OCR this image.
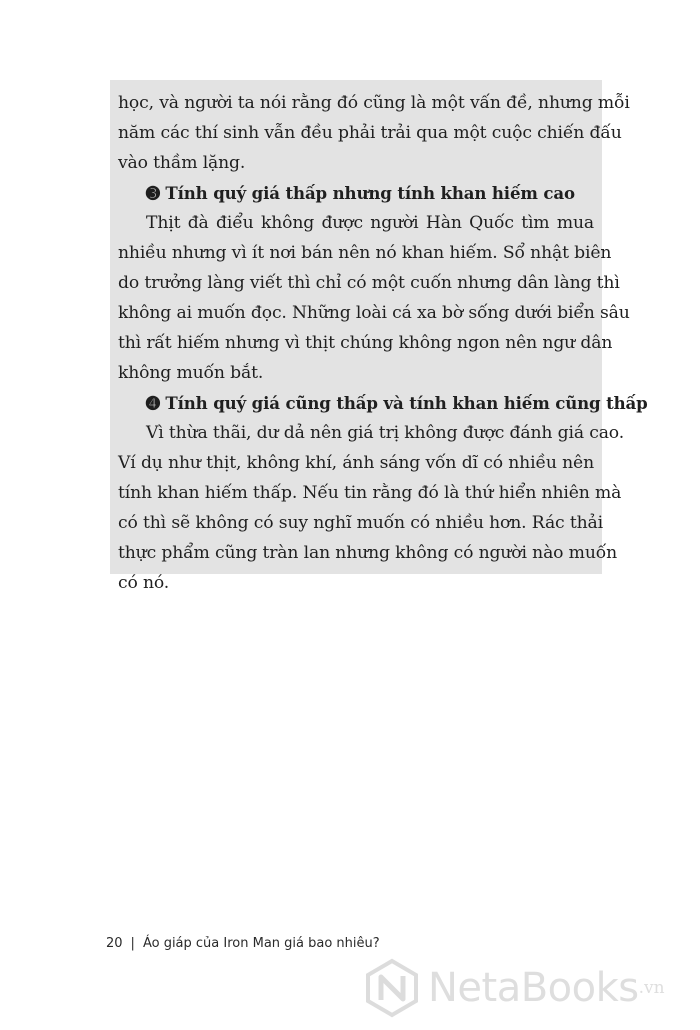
học, và người ta nói rằng đó cũng là một vấn đề, nhưng mỗi
năm các thí sinh vẫn đều phải trải qua một cuộc chiến đấu
vào thầm lặng.
➌ Tính quý giá thấp nhưng tính khan hiếm cao
Thịt đà điểu không được người Hàn Quốc tìm mua
nhiều nhưng vì ít nơi bán nên nó khan hiếm. Sổ nhật biên
do trưởng làng viết thì chỉ có một cuốn nhưng dân làng thì
không ai muốn đọc. Những loài cá xa bờ sống dưới biển sâu
thì rất hiếm nhưng vì thịt chúng không ngon nên ngư dân
không muốn bắt.
➍ Tính quý giá cũng thấp và tính khan hiếm cũng thấp
Vì thừa thãi, dư dả nên giá trị không được đánh giá cao.
Ví dụ như thịt, không khí, ánh sáng vốn dĩ có nhiều nên
tính khan hiếm thấp. Nếu tin rằng đó là thứ hiển nhiên mà
có thì sẽ không có suy nghĩ muốn có nhiều hơn. Rác thải
thực phẩm cũng tràn lan nhưng không có người nào muốn
có nó.
20 | Áo giáp của Iron Man giá bao nhiêu?
NetaBooks .vn
